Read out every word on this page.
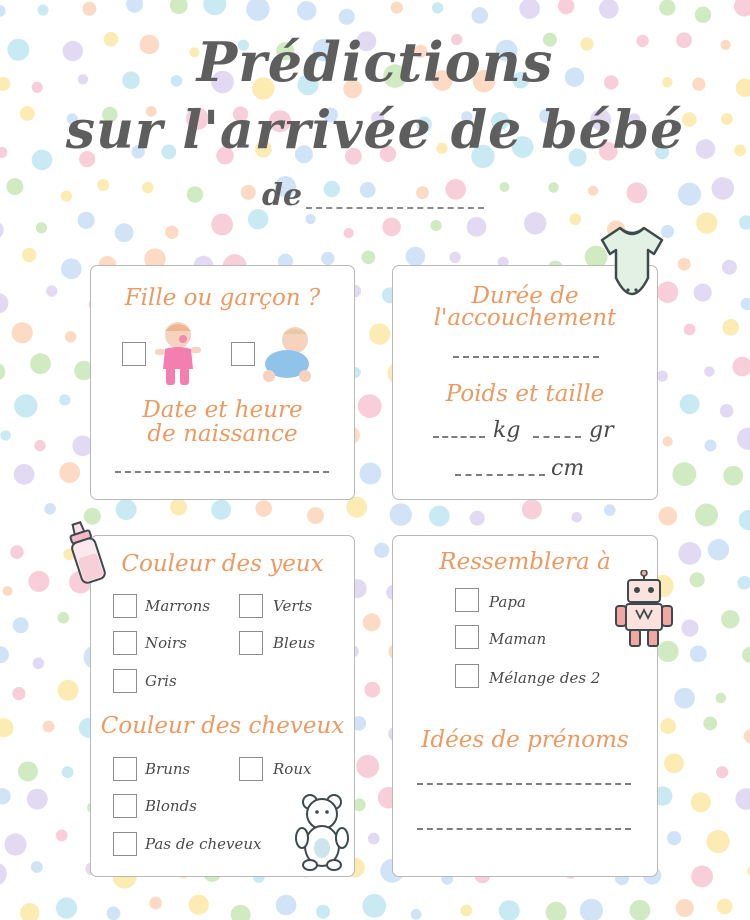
Prédictions
sur l'arrivée de bébé
de
Fille ou garçon ?
Date et heure
de naissance
Durée de
l'accouchement
Poids et taille
kg	gr
cm
Couleur des yeux
Marrons	Verts
Noirs	Bleus
Gris
Couleur des cheveux
Bruns	Roux
Blonds
Pas de cheveux
Ressemblera à
Papa
Maman
Mélange des 2
Idées de prénoms
